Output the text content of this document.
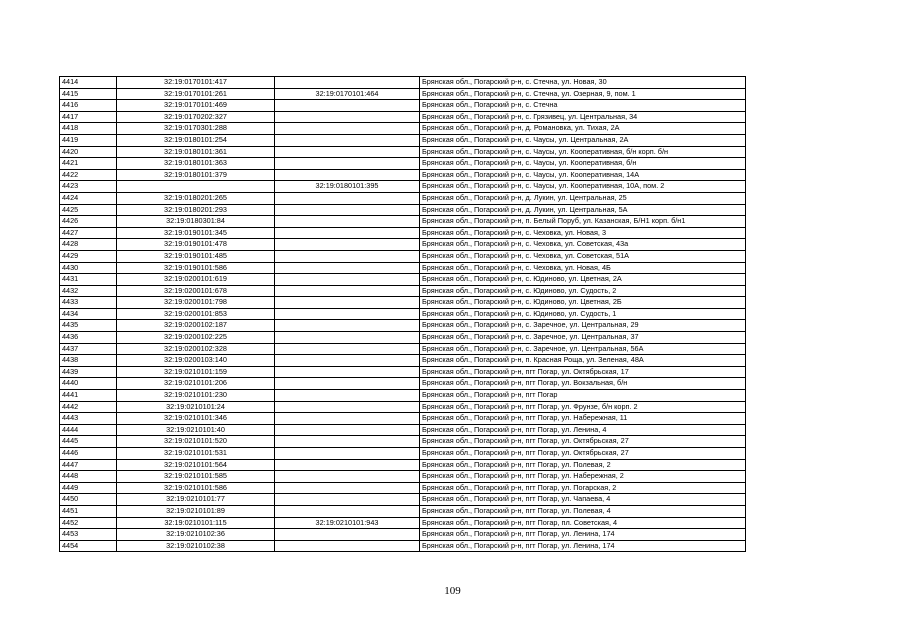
4414	32:19:0170101:417		Брянская обл., Погарский р-н, с. Стечна, ул. Новая, 30
4415	32:19:0170101:261	32:19:0170101:464	Брянская обл., Погарский р-н, с. Стечна, ул. Озерная, 9, пом. 1
4416	32:19:0170101:469		Брянская обл., Погарский р-н, с. Стечна
4417	32:19:0170202:327		Брянская обл., Погарский р-н, с. Грязивец, ул. Центральная, 34
4418	32:19:0170301:288		Брянская обл., Погарский р-н, д. Романовка, ул. Тихая, 2А
4419	32:19:0180101:254		Брянская обл., Погарский р-н, с. Чаусы, ул. Центральная, 2А
4420	32:19:0180101:361		Брянская обл., Погарский р-н, с. Чаусы, ул. Кооперативная, б/н корп. б/н
4421	32:19:0180101:363		Брянская обл., Погарский р-н, с. Чаусы, ул. Кооперативная, б/н
4422	32:19:0180101:379		Брянская обл., Погарский р-н, с. Чаусы, ул. Кооперативная, 14А
4423		32:19:0180101:395	Брянская обл., Погарский р-н, с. Чаусы, ул. Кооперативная, 10А, пом. 2
4424	32:19:0180201:265		Брянская обл., Погарский р-н, д. Лукин, ул. Центральная, 25
4425	32:19:0180201:293		Брянская обл., Погарский р-н, д. Лукин, ул. Центральная, 5А
4426	32:19:0180301:84		Брянская обл., Погарский р-н, п. Белый Поруб, ул. Казанская, Б/Н1 корп. б/н1
4427	32:19:0190101:345		Брянская обл., Погарский р-н, с. Чеховка, ул. Новая, 3
4428	32:19:0190101:478		Брянская обл., Погарский р-н, с. Чеховка, ул. Советская, 43а
4429	32:19:0190101:485		Брянская обл., Погарский р-н, с. Чеховка, ул. Советская, 51А
4430	32:19:0190101:586		Брянская обл., Погарский р-н, с. Чеховка, ул. Новая, 4Б
4431	32:19:0200101:619		Брянская обл., Погарский р-н, с. Юдиново, ул. Цветная, 2А
4432	32:19:0200101:678		Брянская обл., Погарский р-н, с. Юдиново, ул. Судость, 2
4433	32:19:0200101:798		Брянская обл., Погарский р-н, с. Юдиново, ул. Цветная, 2Б
4434	32:19:0200101:853		Брянская обл., Погарский р-н, с. Юдиново, ул. Судость, 1
4435	32:19:0200102:187		Брянская обл., Погарский р-н, с. Заречное, ул. Центральная, 29
4436	32:19:0200102:225		Брянская обл., Погарский р-н, с. Заречное, ул. Центральная, 37
4437	32:19:0200102:328		Брянская обл., Погарский р-н, с. Заречное, ул. Центральная, 56А
4438	32:19:0200103:140		Брянская обл., Погарский р-н, п. Красная Роща, ул. Зеленая, 48А
4439	32:19:0210101:159		Брянская обл., Погарский р-н, пгт Погар, ул. Октябрьская, 17
4440	32:19:0210101:206		Брянская обл., Погарский р-н, пгт Погар, ул. Вокзальная, б/н
4441	32:19:0210101:230		Брянская обл., Погарский р-н, пгт Погар
4442	32:19:0210101:24		Брянская обл., Погарский р-н, пгт Погар, ул. Фрунзе, б/н корп. 2
4443	32:19:0210101:346		Брянская обл., Погарский р-н, пгт Погар, ул. Набережная, 11
4444	32:19:0210101:40		Брянская обл., Погарский р-н, пгт Погар, ул. Ленина, 4
4445	32:19:0210101:520		Брянская обл., Погарский р-н, пгт Погар, ул. Октябрьская, 27
4446	32:19:0210101:531		Брянская обл., Погарский р-н, пгт Погар, ул. Октябрьская, 27
4447	32:19:0210101:564		Брянская обл., Погарский р-н, пгт Погар, ул. Полевая, 2
4448	32:19:0210101:585		Брянская обл., Погарский р-н, пгт Погар, ул. Набережная, 2
4449	32:19:0210101:586		Брянская обл., Погарский р-н, пгт Погар, ул. Погарская, 2
4450	32:19:0210101:77		Брянская обл., Погарский р-н, пгт Погар, ул. Чапаева, 4
4451	32:19:0210101:89		Брянская обл., Погарский р-н, пгт Погар, ул. Полевая, 4
4452	32:19:0210101:115	32:19:0210101:943	Брянская обл., Погарский р-н, пгт Погар, пл. Советская, 4
4453	32:19:0210102:36		Брянская обл., Погарский р-н, пгт Погар, ул. Ленина, 174
4454	32:19:0210102:38		Брянская обл., Погарский р-н, пгт Погар, ул. Ленина, 174
109
